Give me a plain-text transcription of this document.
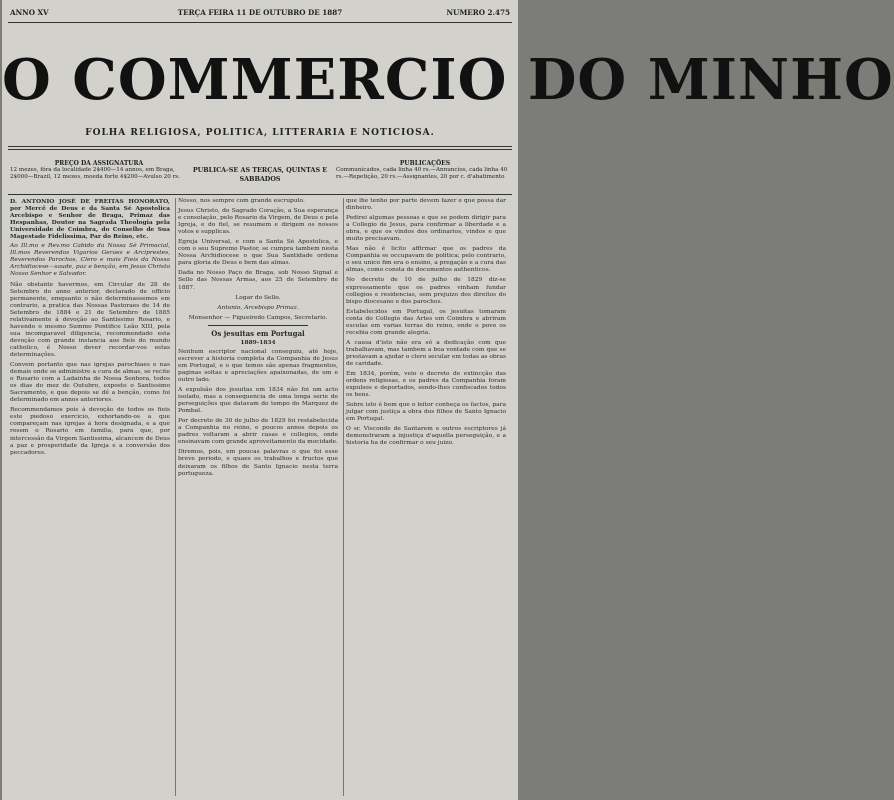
ANNO XV	TERÇA FEIRA 11 DE OUTUBRO DE 1887	NUMERO 2.475
O COMMERCIO DO MINHO
FOLHA RELIGIOSA, POLITICA, LITTERARIA E NOTICIOSA.
PREÇO DA ASSIGNATURA
12 mezes, fóra da localidade 2$400—14 annos, em Braga, 2$000—Brazil, 12 mezes, moeda forte 4$200—Avulso 20 rs.
PUBLICA-SE AS TERÇAS, QUINTAS E SABBADOS
PUBLICAÇÕES
Communicados, cada linha 40 rs.—Annuncios, cada linha 40 rs.—Repetição, 20 rs.—Assignantes, 20 por c. d'abatimento

D. ANTONIO JOSÉ DE FREITAS HONORATO, por Mercê de Deus e da Santa Sé Apostolica Arcebispo e Senhor de Braga, Primaz das Hespanhas, Doutor na Sagrada Theologia pela Universidade de Coimbra, do Conselho de Sua Magestade Fidelissima, Par do Reino, etc.

Ao Ill.mo e Rev.mo Cabido da Nossa Sé Primacial, Ill.mos Reverendos Vigarios Geraes e Arciprestes, Reverendos Parochos, Clero e mais Fieis da Nossa Archidiocese—saude, paz e benção, em Jesus Christo Nosso Senhor e Salvador.

Não obstante havermos, em Circular de 28 de Setembro do anno anterior, declarado de officio permanente, emquanto o não determinassemos em contrario, a pratica das Nossas Pastoraes de 14 de Setembro de 1884 e 21 de Setembro de 1885 relativamente á devoção ao Santissimo Rosario, e havendo o mesmo Summo Pontifice Leão XIII, pela sua incomparavel diligencia, recommendado esta devoção com grande instancia aos fieis do mundo catholico, é Nosso dever recordar-vos estas determinações.

Convem portanto que nas igrejas parochiaes e nas demais onde se administre a cura de almas, se recite o Rosario com a Ladainha de Nossa Senhora, todos os dias do mez de Outubro, exposto o Santissimo Sacramento, e que depois se dê a benção, como foi determinado em annos anteriores.

Recommendamos pois á devoção de todos os fieis este piedoso exercicio, exhortando-os a que compareçam nas igrejas á hora designada, e a que resem o Rosario em familia, para que, por intercessão da Virgem Santissima, alcancem de Deus a paz e prosperidade da Igreja e a conversão dos peccadores.

Nosso, nos sempre com grande escrupulo.

Jesus Christo, do Sagrado Coração, a Sua esperança e consolação, pelo Rosario da Virgem, de Deus e pela Igreja, e do fiel, se resumem e dirigem os nossos votos e supplicas.

Egreja Universal, e com a Santa Sé Apostolica, e com o seu Supremo Pastor, se cumpra tambem nesta Nossa Archidiocese o que Sua Santidade ordena para gloria de Deus e bem das almas.

Dada no Nosso Paço de Braga, sob Nosso Signal e Sello das Nossas Armas, aos 25 de Setembro de 1887.

Logar do Sello.

Antonio, Arcebispo Primaz.

Monsenhor — Figueiredo Campos, Secretario.

Os jesuitas em Portugal

1889-1834

Nenhum escriptor nacional conseguiu, até hoje, escrever a historia completa da Companhia de Jesus em Portugal, e o que temos são apenas fragmentos, paginas soltas e apreciações apaixonadas, de um e outro lado.

A expulsão dos jesuitas em 1834 não foi um acto isolado, mas a consequencia de uma longa serie de perseguições que datavam do tempo do Marquez de Pombal.

Por decreto de 30 de julho de 1829 foi restabelecida a Companhia no reino, e poucos annos depois os padres voltaram a abrir casas e collegios, onde ensinavam com grande aproveitamento da mocidade.

Diremos, pois, em poucas palavras o que foi esse breve periodo, e quaes os trabalhos e fructos que deixaram os filhos de Santo Ignacio nesta terra portugueza.

que lhe tenho por parte devem fazer e que possa dar dinheiro.

Pedirei algumas pessoas e que se podem dirigir para a Collegio de Jesus, para confirmar a liberdade e a obra, e que os vindos dos ordinarios, vindos e que muito precisavam.

Mas não é licito affirmar que os padres da Companhia se occupavam de politica; pelo contrario, o seu unico fim era o ensino, a pregação e a cura das almas, como consta de documentos authenticos.

No decreto de 10 de julho de 1829 diz-se expressamente que os padres vinham fundar collegios e residencias, sem prejuizo dos direitos do bispo diocesano e dos parochos.

Estabelecidos em Portugal, os jesuitas tomaram conta do Collegio das Artes em Coimbra e abriram escolas em varias terras do reino, onde o povo os recebia com grande alegria.

A causa d'isto não era só a dedicação com que trabalhavam, mas tambem a boa vontade com que se prestavam a ajudar o clero secular em todas as obras de caridade.

Em 1834, porém, veio o decreto de extincção das ordens religiosas, e os padres da Companhia foram expulsos e deportados, sendo-lhes confiscados todos os bens.

Sobre isto é bom que o leitor conheça os factos, para julgar com justiça a obra dos filhos de Santo Ignacio em Portugal.

O sr. Visconde de Santarem e outros escriptores já demonstraram a injustiça d'aquella perseguição, e a historia ha de confirmar o seu juizo.
